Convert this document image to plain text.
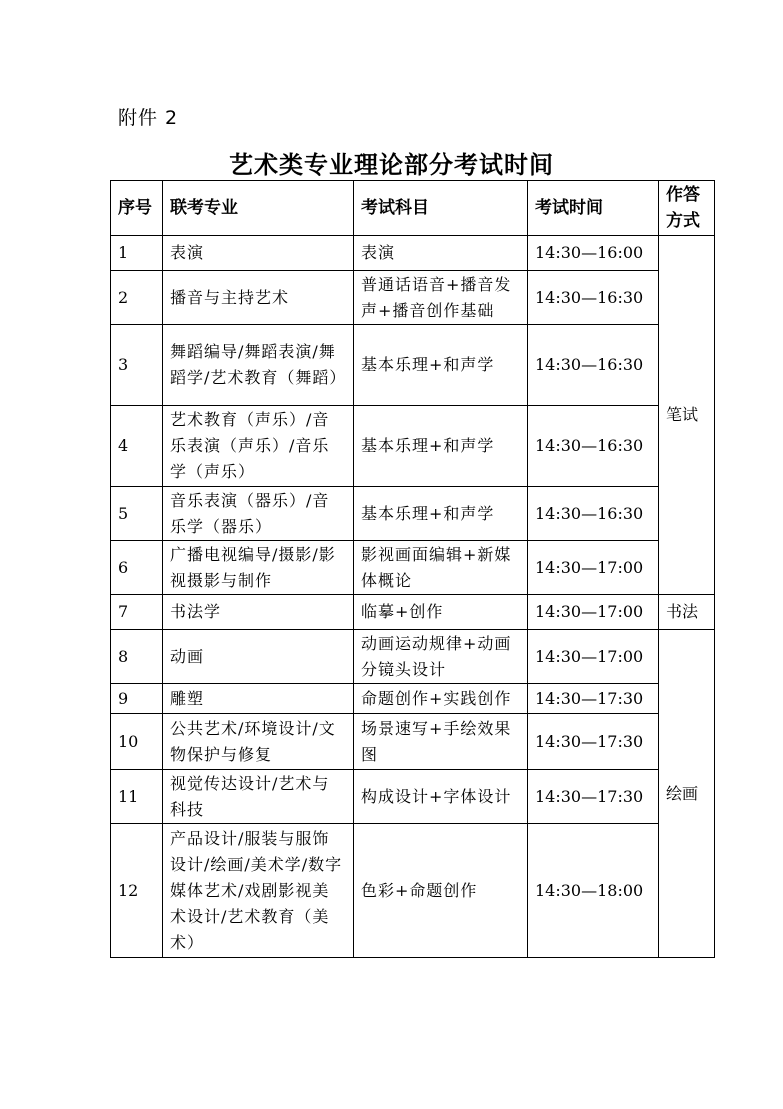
附件 2
艺术类专业理论部分考试时间
序号	联考专业	考试科目	考试时间	作答方式
1	表演	表演	14:30—16:00	笔试
2	播音与主持艺术	普通话语音+播音发声+播音创作基础	14:30—16:30	
3	舞蹈编导/舞蹈表演/舞蹈学/艺术教育（舞蹈）	基本乐理+和声学	14:30—16:30	
4	艺术教育（声乐）/音乐表演（声乐）/音乐学（声乐）	基本乐理+和声学	14:30—16:30	
5	音乐表演（器乐）/音乐学（器乐）	基本乐理+和声学	14:30—16:30	
6	广播电视编导/摄影/影视摄影与制作	影视画面编辑+新媒体概论	14:30—17:00	
7	书法学	临摹+创作	14:30—17:00	书法
8	动画	动画运动规律+动画分镜头设计	14:30—17:00	绘画
9	雕塑	命题创作+实践创作	14:30—17:30	
10	公共艺术/环境设计/文物保护与修复	场景速写+手绘效果图	14:30—17:30	
11	视觉传达设计/艺术与科技	构成设计+字体设计	14:30—17:30	
12	产品设计/服装与服饰设计/绘画/美术学/数字媒体艺术/戏剧影视美术设计/艺术教育（美术）	色彩+命题创作	14:30—18:00	
